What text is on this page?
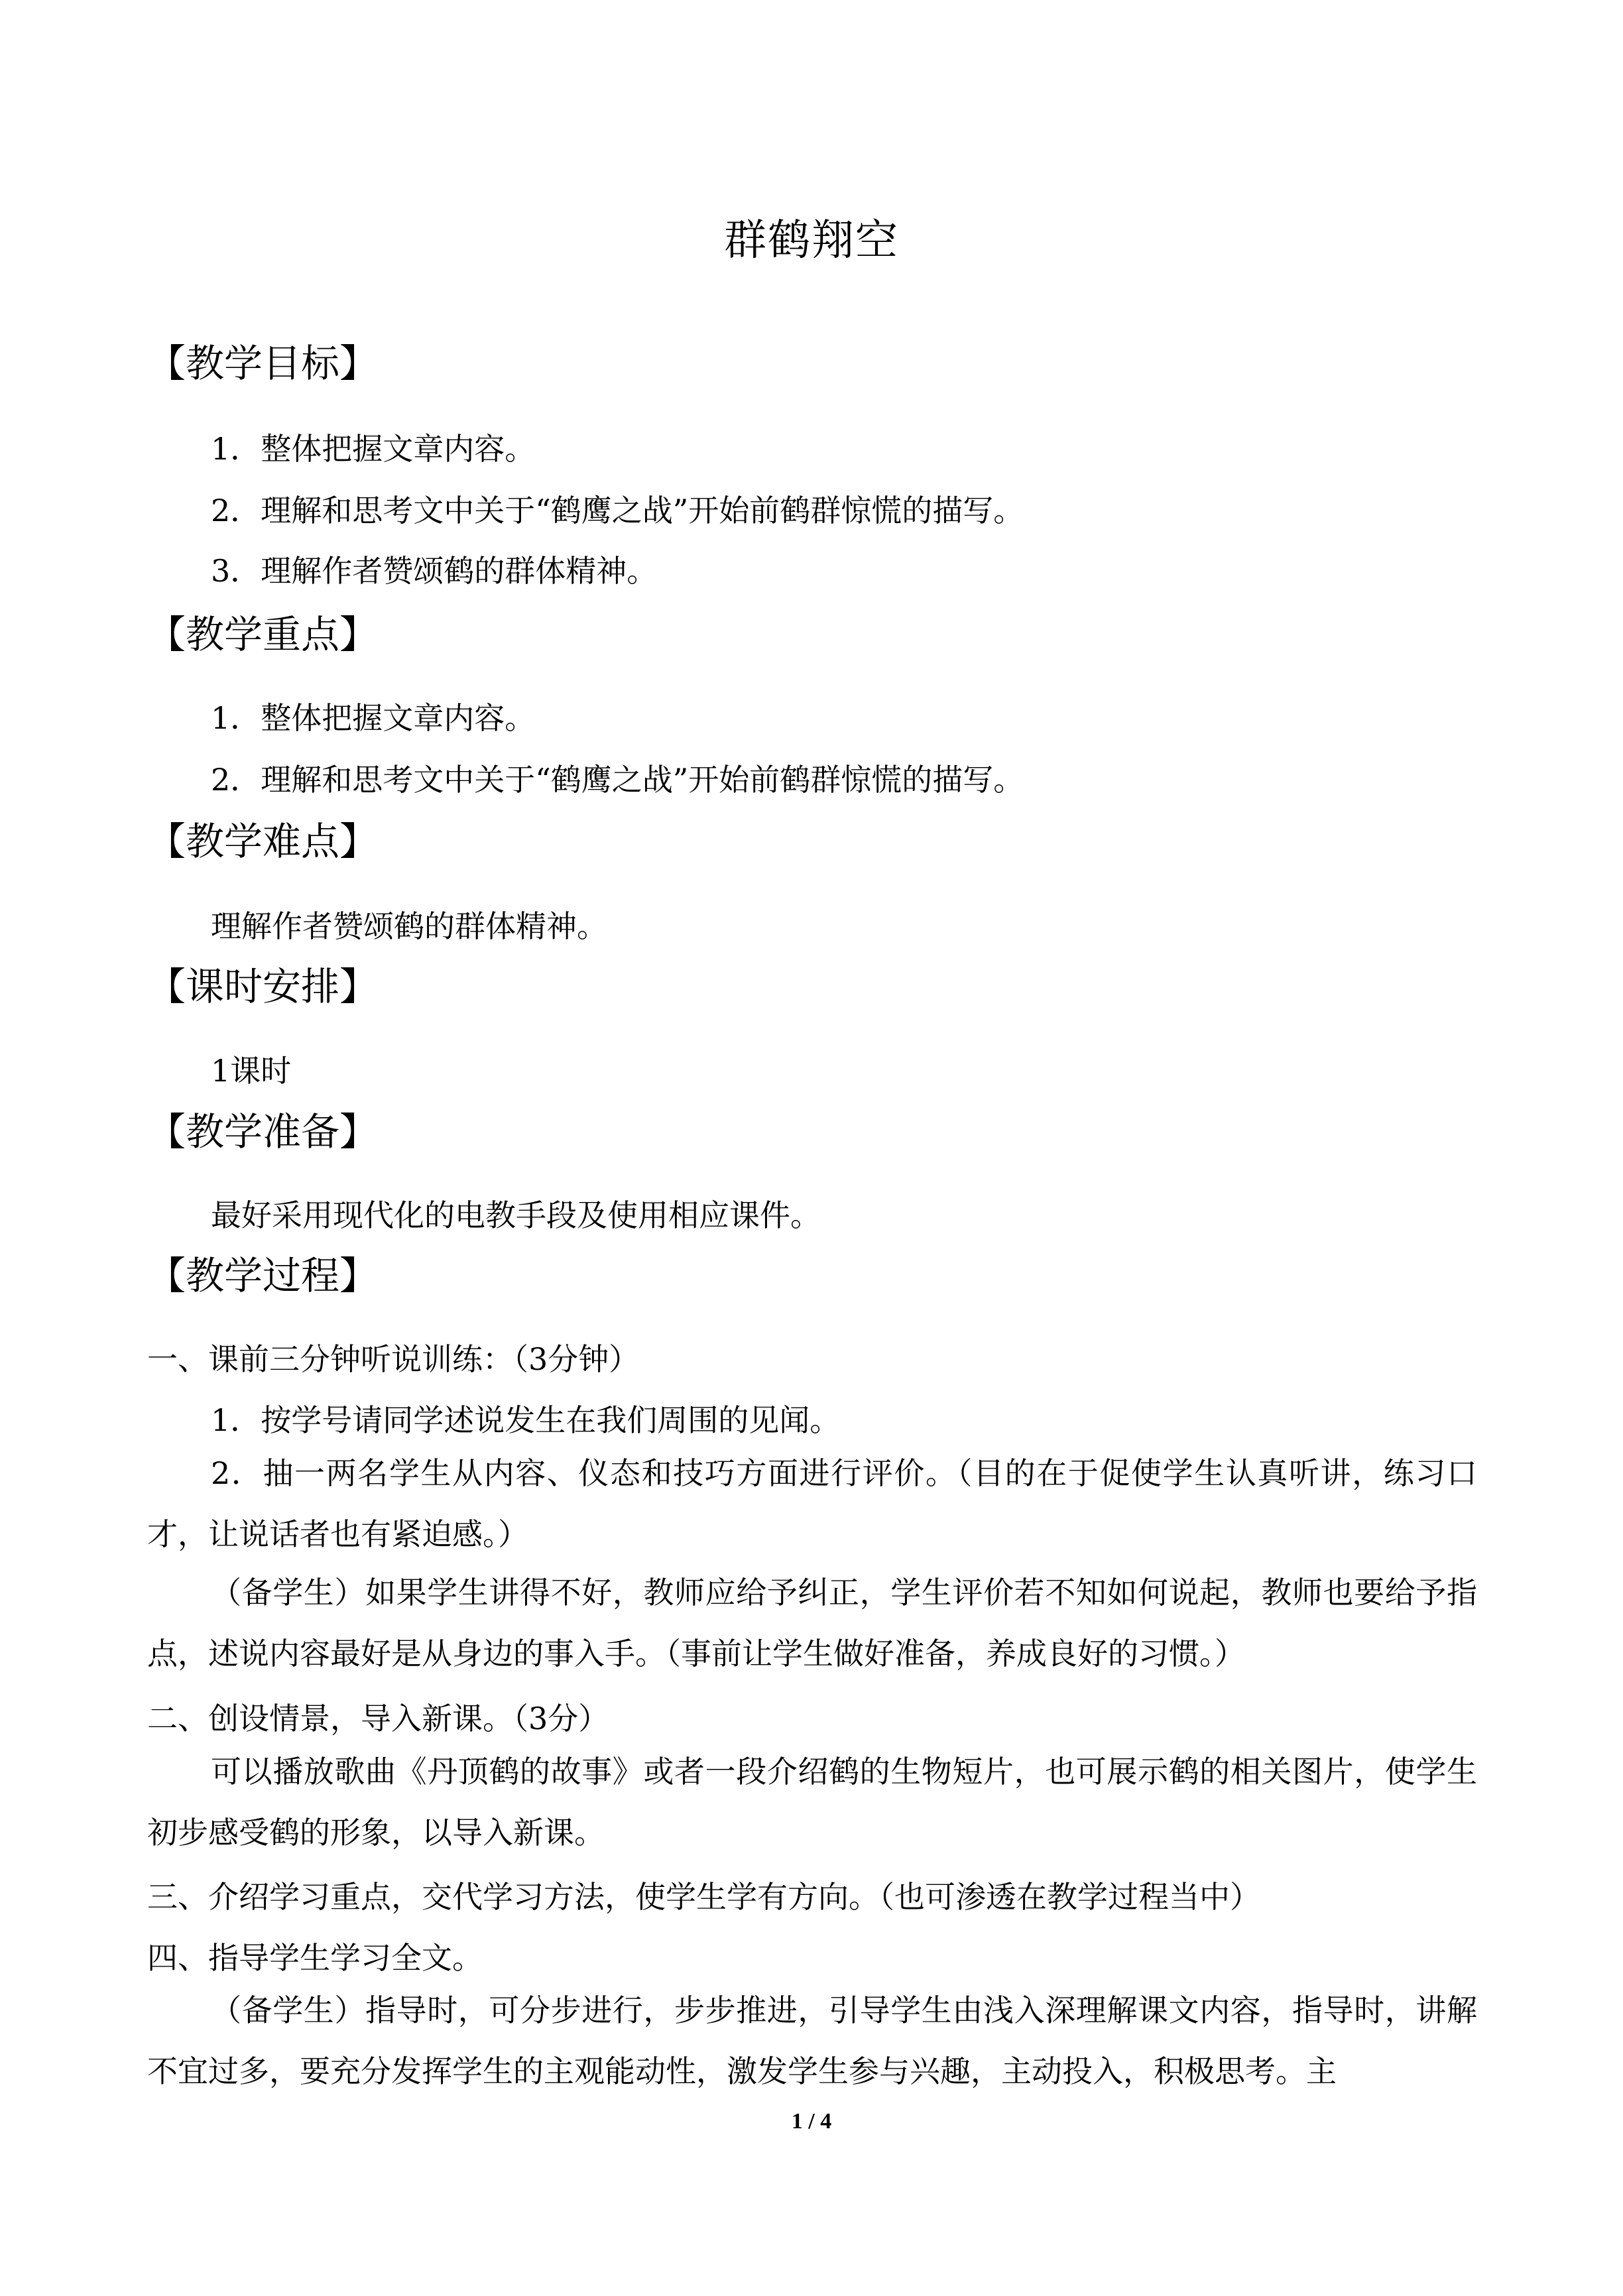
群鹤翔空
【教学目标】
1．整体把握文章内容。
2．理解和思考文中关于“鹤鹰之战”开始前鹤群惊慌的描写。
3．理解作者赞颂鹤的群体精神。
【教学重点】
1．整体把握文章内容。
2．理解和思考文中关于“鹤鹰之战”开始前鹤群惊慌的描写。
【教学难点】
理解作者赞颂鹤的群体精神。
【课时安排】
1课时
【教学准备】
最好采用现代化的电教手段及使用相应课件。
【教学过程】
一、课前三分钟听说训练：（3分钟）
1．按学号请同学述说发生在我们周围的见闻。
2．抽一两名学生从内容、仪态和技巧方面进行评价。（目的在于促使学生认真听讲，练习口才，让说话者也有紧迫感。）
（备学生）如果学生讲得不好，教师应给予纠正，学生评价若不知如何说起，教师也要给予指点，述说内容最好是从身边的事入手。（事前让学生做好准备，养成良好的习惯。）
二、创设情景，导入新课。（3分）
可以播放歌曲《丹顶鹤的故事》或者一段介绍鹤的生物短片，也可展示鹤的相关图片，使学生初步感受鹤的形象，以导入新课。
三、介绍学习重点，交代学习方法，使学生学有方向。（也可渗透在教学过程当中）
四、指导学生学习全文。
（备学生）指导时，可分步进行，步步推进，引导学生由浅入深理解课文内容，指导时，讲解不宜过多，要充分发挥学生的主观能动性，激发学生参与兴趣，主动投入，积极思考。主
1 / 4
